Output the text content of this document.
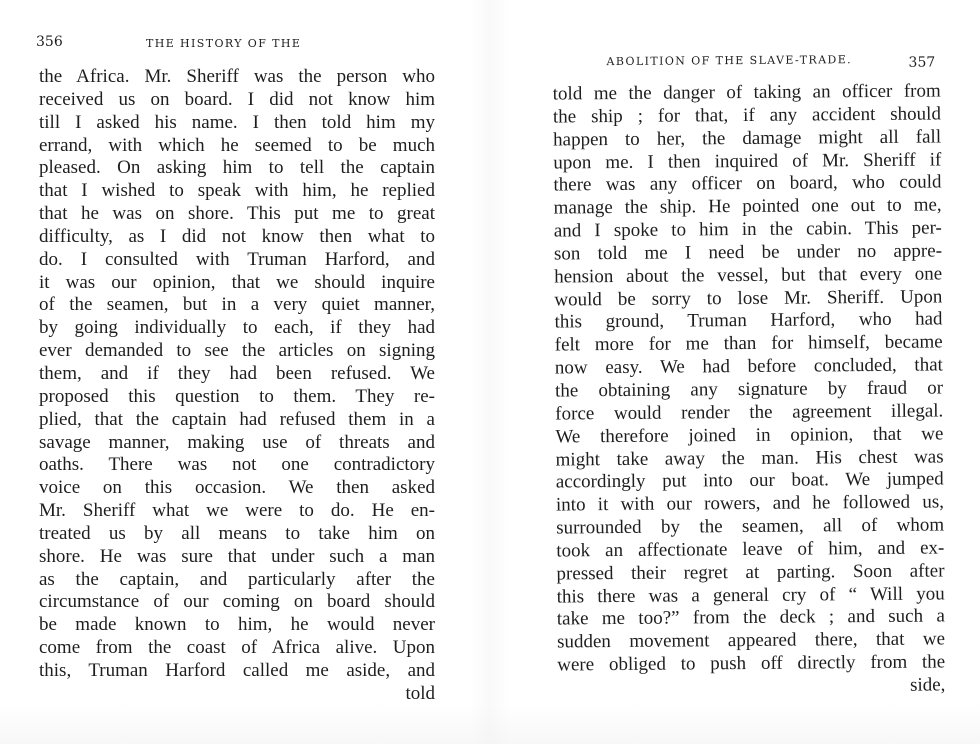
356	THE HISTORY OF THE
the Africa. Mr. Sheriff was the person who
received us on board. I did not know him
till I asked his name. I then told him my
errand, with which he seemed to be much
pleased. On asking him to tell the captain
that I wished to speak with him, he replied
that he was on shore. This put me to great
difficulty, as I did not know then what to
do. I consulted with Truman Harford, and
it was our opinion, that we should inquire
of the seamen, but in a very quiet manner,
by going individually to each, if they had
ever demanded to see the articles on signing
them, and if they had been refused. We
proposed this question to them. They re-
plied, that the captain had refused them in a
savage manner, making use of threats and
oaths. There was not one contradictory
voice on this occasion. We then asked
Mr. Sheriff what we were to do. He en-
treated us by all means to take him on
shore. He was sure that under such a man
as the captain, and particularly after the
circumstance of our coming on board should
be made known to him, he would never
come from the coast of Africa alive. Upon
this, Truman Harford called me aside, and
told
ABOLITION OF THE SLAVE-TRADE.	357
told me the danger of taking an officer from
the ship ; for that, if any accident should
happen to her, the damage might all fall
upon me. I then inquired of Mr. Sheriff if
there was any officer on board, who could
manage the ship. He pointed one out to me,
and I spoke to him in the cabin. This per-
son told me I need be under no appre-
hension about the vessel, but that every one
would be sorry to lose Mr. Sheriff. Upon
this ground, Truman Harford, who had
felt more for me than for himself, became
now easy. We had before concluded, that
the obtaining any signature by fraud or
force would render the agreement illegal.
We therefore joined in opinion, that we
might take away the man. His chest was
accordingly put into our boat. We jumped
into it with our rowers, and he followed us,
surrounded by the seamen, all of whom
took an affectionate leave of him, and ex-
pressed their regret at parting. Soon after
this there was a general cry of “ Will you
take me too?” from the deck ; and such a
sudden movement appeared there, that we
were obliged to push off directly from the
side,
